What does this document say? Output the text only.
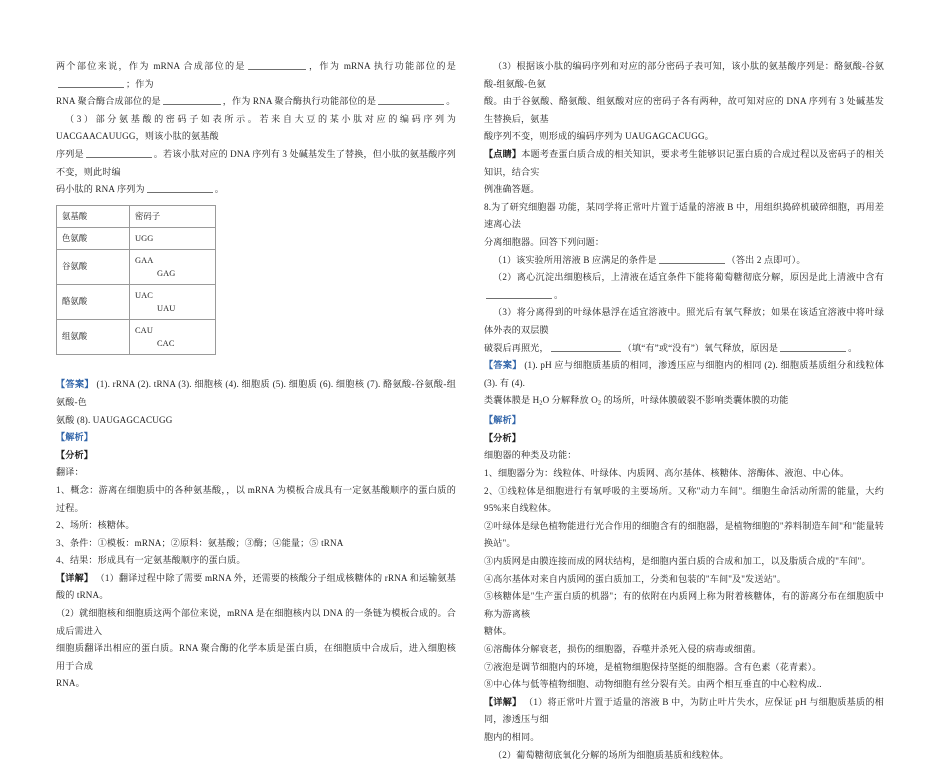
两个部位来说，作为 mRNA 合成部位的是	，作为 mRNA 执行功能部位的是；作为

RNA 聚合酶合成部位的是	，作为 RNA 聚合酶执行功能部位的是	。

（3）部分氨基酸的密码子如表所示。若来自大豆的某小肽对应的编码序列为 UACGAACAUUGG，则该小肽的氨基酸

序列是	。若该小肽对应的 DNA 序列有 3 处碱基发生了替换，但小肽的氨基酸序列不变，则此时编

码小肽的 RNA 序列为	。

氨基酸	密码子
色氨酸	UGG

谷氨酸	GAA
GAG

酪氨酸	UAC
UAU

组氨酸	CAU
CAC

【答案】 (1). rRNA (2). tRNA (3). 细胞核 (4). 细胞质 (5). 细胞质 (6). 细胞核 (7). 酪氨酸-谷氨酸-组氨酸-色

氨酸 (8). UAUGAGCACUGG

【解析】

【分析】

翻译：

1、概念：游离在细胞质中的各种氨基酸，，以 mRNA 为模板合成具有一定氨基酸顺序的蛋白质的过程。

2、场所：核糖体。

3、条件：①模板：mRNA；②原料：氨基酸；③酶；④能量；⑤ tRNA

4、结果：形成具有一定氨基酸顺序的蛋白质。

【详解】 （1）翻译过程中除了需要 mRNA 外，还需要的核酸分子组成核糖体的 rRNA 和运输氨基酸的 tRNA。

（2）就细胞核和细胞质这两个部位来说，mRNA 是在细胞核内以 DNA 的一条链为模板合成的。合成后需进入

细胞质翻译出相应的蛋白质。RNA 聚合酶的化学本质是蛋白质，在细胞质中合成后，进入细胞核用于合成

RNA。

（3）根据该小肽的编码序列和对应的部分密码子表可知，该小肽的氨基酸序列是：酪氨酸-谷氨酸-组氨酸-色氨

酸。由于谷氨酸、酪氨酸、组氨酸对应的密码子各有两种，故可知对应的 DNA 序列有 3 处碱基发生替换后，氨基

酸序列不变，则形成的编码序列为 UAUGAGCACUGG。

【点睛】本题考查蛋白质合成的相关知识，要求考生能够识记蛋白质的合成过程以及密码子的相关知识，结合实

例准确答题。

8.为了研究细胞器 功能，某同学将正常叶片置于适量的溶液 B 中，用组织捣碎机破碎细胞，再用差速离心法

分离细胞器。回答下列问题：

（1）该实验所用溶液 B 应满足的条件是	（答出 2 点即可）。

（2）离心沉淀出细胞核后，上清液在适宜条件下能将葡萄糖彻底分解，原因是此上清液中含有。

（3）将分离得到的叶绿体悬浮在适宜溶液中。照光后有氧气释放；如果在该适宜溶液中将叶绿体外表的双层膜

破裂后再照光，	（填“有”或“没有”）氧气释放，原因是	。

【答案】 (1). pH 应与细胞质基质的相同，渗透压应与细胞内的相同 (2). 细胞质基质组分和线粒体 (3). 有 (4).

类囊体膜是 $H_2O$ 分解释放 $O_2$ 的场所，叶绿体膜破裂不影响类囊体膜的功能

【解析】

【分析】

细胞器的种类及功能：

1、细胞器分为：线粒体、叶绿体、内质网、高尔基体、核糖体、溶酶体、液泡、中心体。

2、①线粒体是细胞进行有氧呼吸的主要场所。又称"动力车间"。细胞生命活动所需的能量，大约 95%来自线粒体。

②叶绿体是绿色植物能进行光合作用的细胞含有的细胞器，是植物细胞的"养料制造车间"和"能量转换站"。

③内质网是由膜连接而成的网状结构，是细胞内蛋白质的合成和加工，以及脂质合成的"车间"。

④高尔基体对来自内质网的蛋白质加工，分类和包装的"车间"及"发送站"。

⑤核糖体是"生产蛋白质的机器"；有的依附在内质网上称为附着核糖体，有的游离分布在细胞质中称为游离核

糖体。

⑥溶酶体分解衰老，损伤的细胞器，吞噬并杀死入侵的病毒或细菌。

⑦液泡是调节细胞内的环境，是植物细胞保持坚挺的细胞器。含有色素（花青素）。

⑧中心体与低等植物细胞、动物细胞有丝分裂有关。由两个相互垂直的中心粒构成..

【详解】 （1）将正常叶片置于适量的溶液 B 中，为防止叶片失水，应保证 pH 与细胞质基质的相同，渗透压与细

胞内的相同。

（2）葡萄糖彻底氧化分解的场所为细胞质基质和线粒体。
